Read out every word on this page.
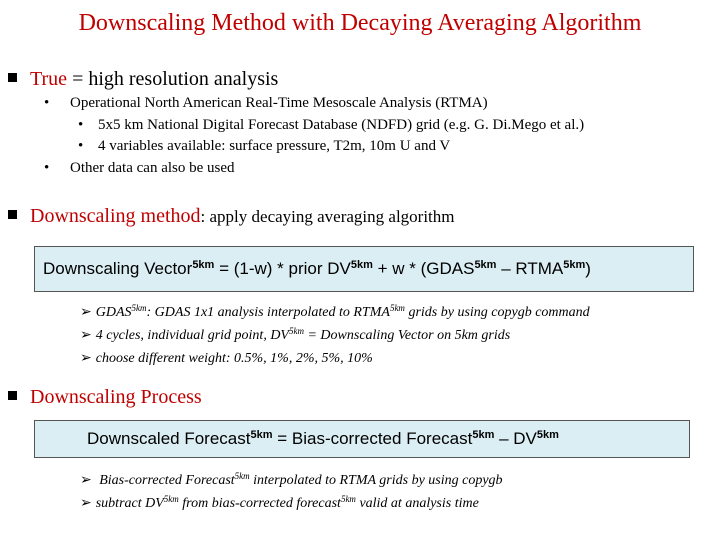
Downscaling Method with Decaying Averaging Algorithm
True = high resolution analysis
• Operational North American Real-Time Mesoscale Analysis (RTMA)
• 5x5 km National Digital Forecast Database (NDFD) grid (e.g. G. Di.Mego et al.)
• 4 variables available: surface pressure, T2m, 10m U and V
• Other data can also be used
Downscaling method: apply decaying averaging algorithm
Downscaling Vector$^{5km}$ = (1-w) * prior $DV^{5km} + w$ * ($GDAS^{5km}$ – $RTMA^{5km}$)
➢ $GDAS^{5km}$: GDAS 1x1 analysis interpolated to $RTMA^{5km}$ grids by using copygb command
➢ 4 cycles, individual grid point, $DV^{5km}$ = Downscaling Vector on 5km grids
➢ choose different weight: 0.5%, 1%, 2%, 5%, 10%
Downscaling Process
Downscaled Forecast$^{5km}$ = Bias-corrected Forecast$^{5km}$ – $DV^{5km}$
➢ Bias-corrected Forecast$^{5km}$ interpolated to RTMA grids by using copygb
➢ subtract $DV^{5km}$ from bias-corrected forecast$^{5km}$ valid at analysis time
